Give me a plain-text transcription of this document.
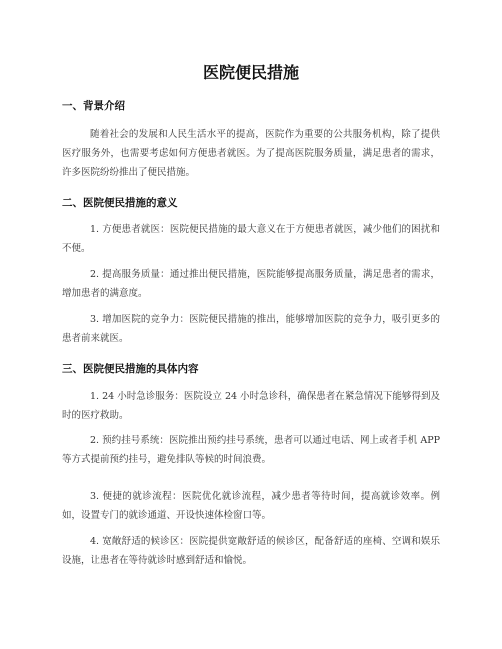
医院便民措施
一、背景介绍

随着社会的发展和人民生活水平的提高，医院作为重要的公共服务机构，除了提供医疗服务外，也需要考虑如何方便患者就医。为了提高医院服务质量，满足患者的需求，许多医院纷纷推出了便民措施。

二、医院便民措施的意义

1. 方便患者就医：医院便民措施的最大意义在于方便患者就医，减少他们的困扰和不便。

2. 提高服务质量：通过推出便民措施，医院能够提高服务质量，满足患者的需求，增加患者的满意度。

3. 增加医院的竞争力：医院便民措施的推出，能够增加医院的竞争力，吸引更多的患者前来就医。

三、医院便民措施的具体内容

1. 24 小时急诊服务：医院设立 24 小时急诊科，确保患者在紧急情况下能够得到及时的医疗救助。

2. 预约挂号系统：医院推出预约挂号系统，患者可以通过电话、网上或者手机 APP 等方式提前预约挂号，避免排队等候的时间浪费。

3. 便捷的就诊流程：医院优化就诊流程，减少患者等待时间，提高就诊效率。例如，设置专门的就诊通道、开设快速体检窗口等。

4. 宽敞舒适的候诊区：医院提供宽敞舒适的候诊区，配备舒适的座椅、空调和娱乐设施，让患者在等待就诊时感到舒适和愉悦。
